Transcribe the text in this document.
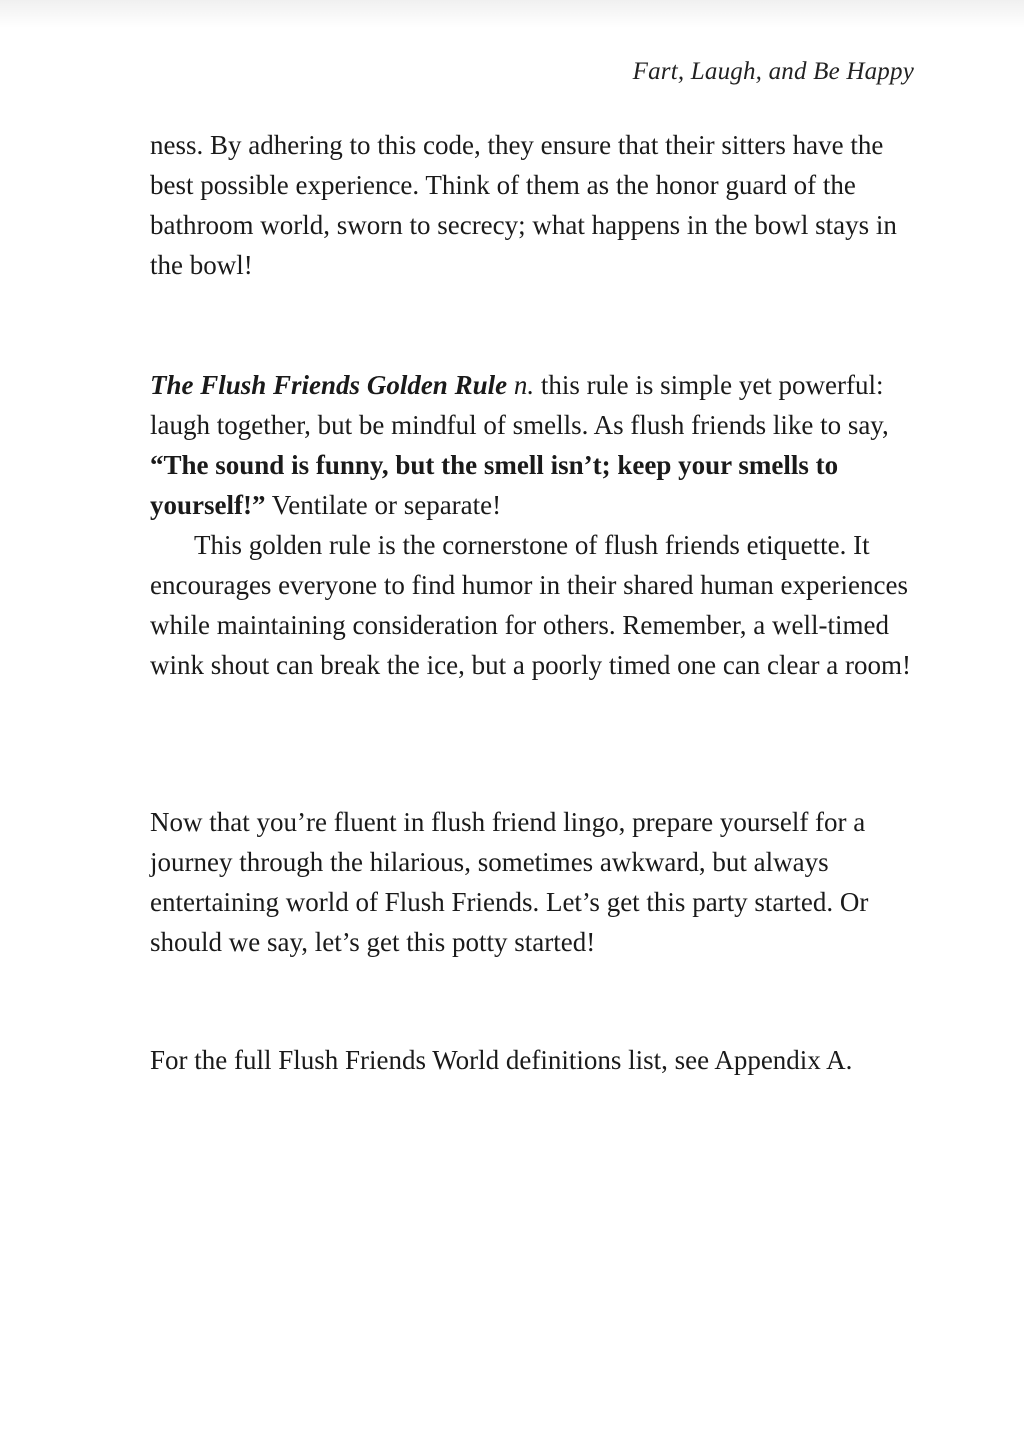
Fart, Laugh, and Be Happy

ness. By adhering to this code, they ensure that their sitters have the best possible experience. Think of them as the honor guard of the bathroom world, sworn to secrecy; what happens in the bowl stays in the bowl!

The Flush Friends Golden Rule n. this rule is simple yet powerful: laugh together, but be mindful of smells. As flush friends like to say, “The sound is funny, but the smell isn’t; keep your smells to yourself!” Ventilate or separate!

This golden rule is the cornerstone of flush friends etiquette. It encourages everyone to find humor in their shared human experiences while maintaining consideration for others. Remember, a well-timed wink shout can break the ice, but a poorly timed one can clear a room!

Now that you’re fluent in flush friend lingo, prepare yourself for a journey through the hilarious, sometimes awkward, but always entertaining world of Flush Friends. Let’s get this party started. Or should we say, let’s get this potty started!

For the full Flush Friends World definitions list, see Appendix A.
